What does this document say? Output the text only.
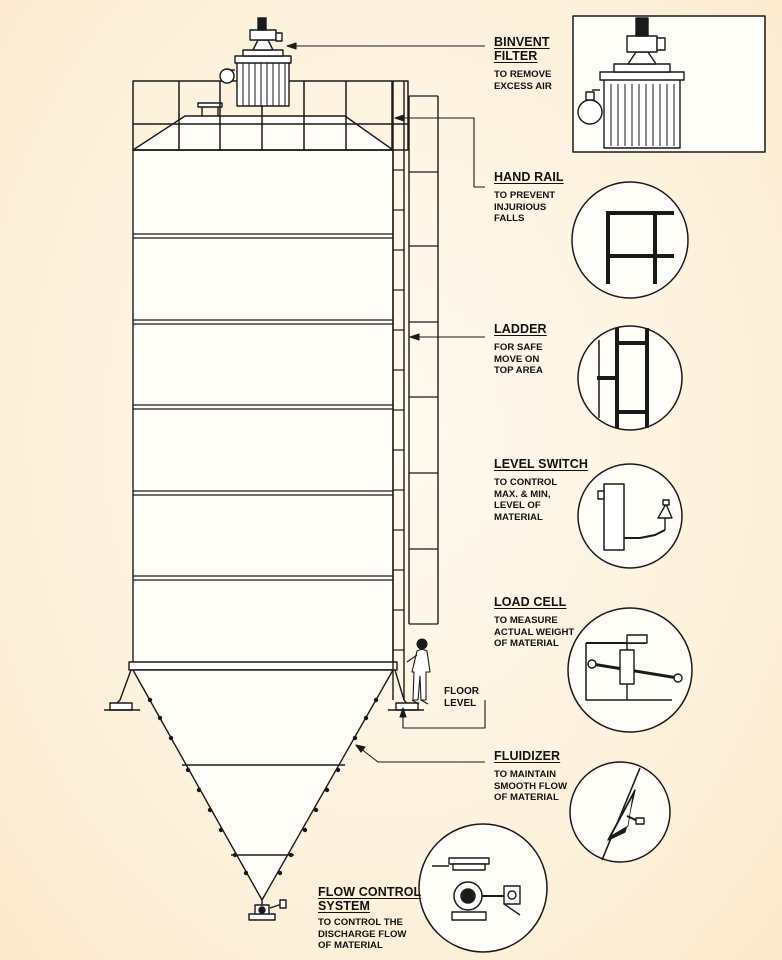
BINVENT
FILTER
TO REMOVE
EXCESS AIR
HAND RAIL
TO PREVENT
INJURIOUS
FALLS
LADDER
FOR SAFE
MOVE ON
TOP AREA
LEVEL SWITCH
TO CONTROL
MAX. & MIN,
LEVEL OF
MATERIAL
LOAD CELL
TO MEASURE
ACTUAL WEIGHT
OF MATERIAL
FLUIDIZER
TO MAINTAIN
SMOOTH FLOW
OF MATERIAL
FLOW CONTROL
SYSTEM
TO CONTROL THE
DISCHARGE FLOW
OF MATERIAL
FLOOR
LEVEL
